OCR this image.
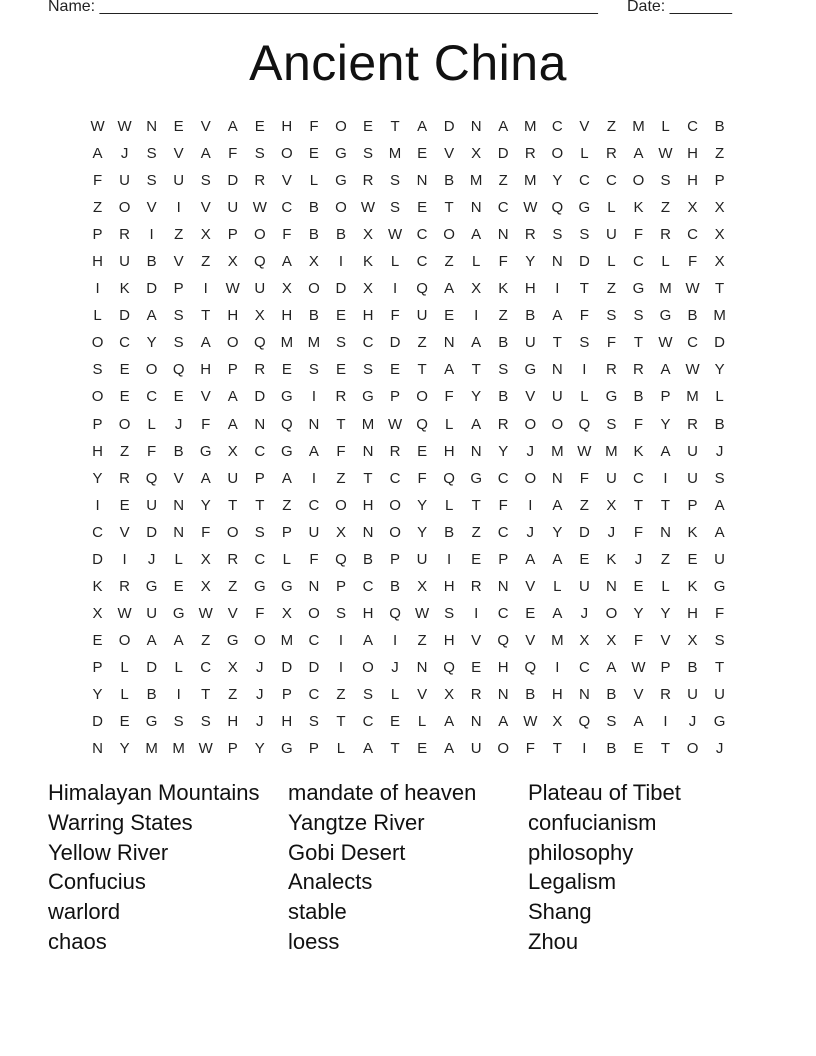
Name: ________________________________________________________ Date: _______
Ancient China
W W N	E	V	A	E	H	F	O	E	T	A	D	N	A	M	C	V	Z	M	L	C	B
A	J	S	V	A	F	S	O	E	G	S	M	E	V	X	D	R	O	L	R	A W H	Z
F	U	S	U	S	D	R	V	L	G	R	S	N	B	M	Z	M	Y	C	C	O	S	H	P
Z	O	V	I	V	U W C	B	O W S	E	T	N	C W Q	G	L	K	Z	X	X
P	R	I	Z	X	P	O	F	B	B	X W C	O	A	N	R	S	S	U	F	R	C	X
H	U	B	V	Z	X	Q	A	X	I	K	L	C	Z	L	F	Y	N	D	L	C	L	F	X
I	K	D	P	I	W U	X	O	D	X	I	Q	A	X	K	H	I	T	Z	G M W	T
L	D	A	S	T	H	X	H	B	E	H	F	U	E	I	Z	B	A	F	S	S	G	B	M
O	C	Y	S	A	O	Q M M	S	C	D	Z	N	A	B	U	T	S	F	T	W C	D
S	E	O	Q	H	P	R	E	S	E	S	E	T	A	T	S	G	N	I	R	R	A W Y
O	E	C	E	V	A	D	G	I	R	G	P	O	F	Y	B	V	U	L	G	B	P	M	L
P	O	L	J	F	A	N	Q	N	T	M W Q	L	A	R	O	O	Q	S	F	Y	R	B
H	Z	F	B	G	X	C	G	A	F	N	R	E	H	N	Y	J	M W M	K	A	U	J
Y	R	Q	V	A	U	P	A	I	Z	T	C	F	Q	G	C	O	N	F	U	C	I	U	S
I	E	U	N	Y	T	T	Z	C	O	H	O	Y	L	T	F	I	A	Z	X	T	T	P	A
C	V	D	N	F	O	S	P	U	X	N	O	Y	B	Z	C	J	Y	D	J	F	N	K	A
D	I	J	L	X	R	C	L	F	Q	B	P	U	I	E	P	A	A	E	K	J	Z	E	U
K	R	G	E	X	Z	G	G	N	P	C	B	X	H	R	N	V	L	U	N	E	L	K	G
X W U	G W V	F	X	O	S	H	Q W S	I	C	E	A	J	O	Y	Y	H	F
E	O	A	A	Z	G	O M	C	I	A	I	Z	H	V	Q	V	M	X	X	F	V	X	S
P	L	D	L	C	X	J	D	D	I	O	J	N	Q	E	H	Q	I	C	A W P	B	T
Y	L	B	I	T	Z	J	P	C	Z	S	L	V	X	R	N	B	H	N	B	V	R	U	U
D	E	G	S	S	H	J	H	S	T	C	E	L	A	N	A W X	Q	S	A	I	J	G
N	Y	M M W P	Y	G	P	L	A	T	E	A	U	O	F	T	I	B	E	T	O	J
Himalayan Mountains	mandate of heaven	Plateau of Tibet
Warring States	Yangtze River	confucianism
Yellow River	Gobi Desert	philosophy
Confucius	Analects	Legalism
warlord	stable	Shang
chaos	loess	Zhou
